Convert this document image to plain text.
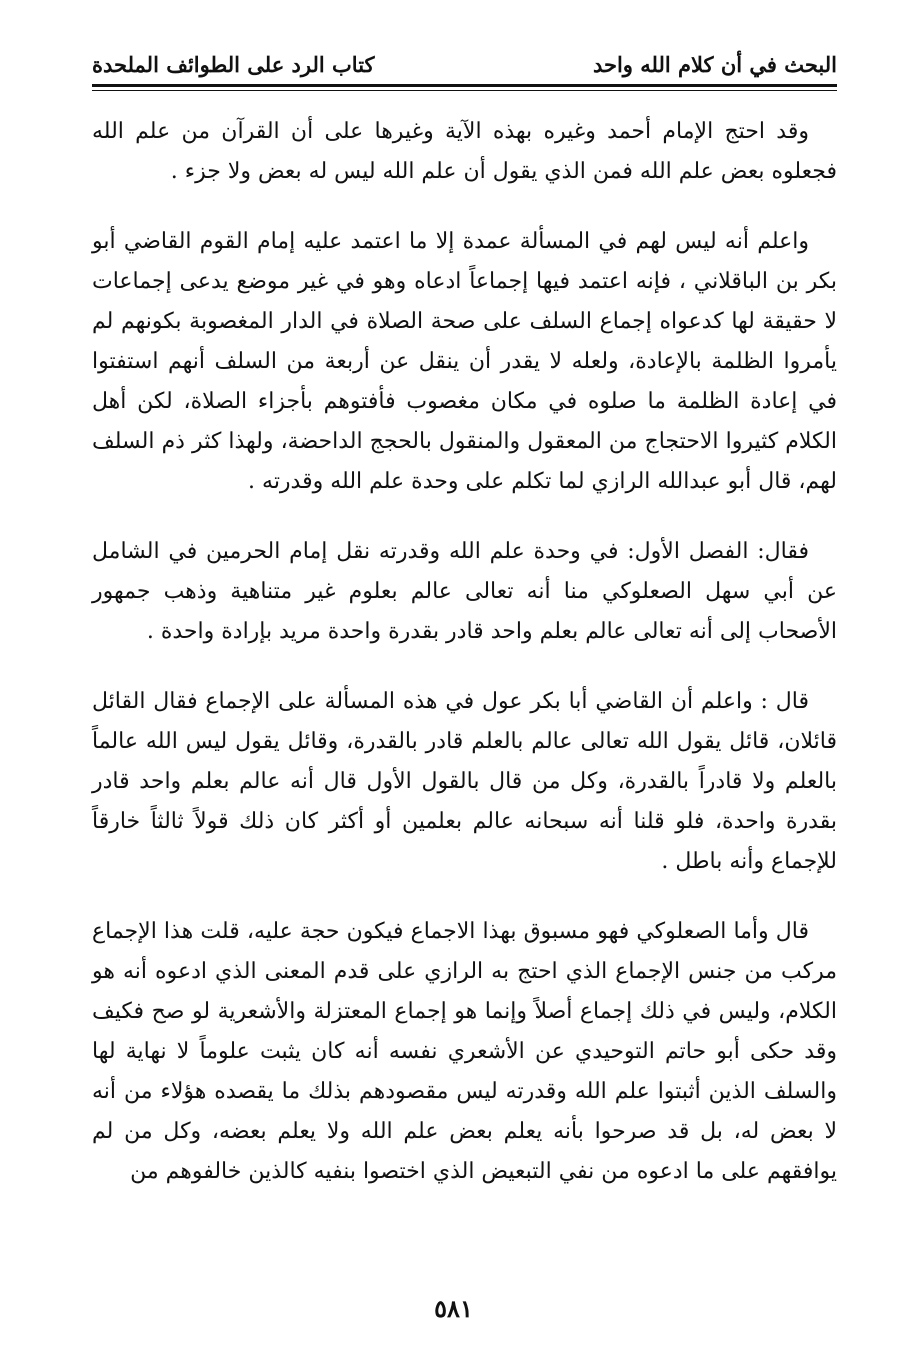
البحث في أن كلام الله واحد
كتاب الرد على الطوائف الملحدة

وقد احتج الإمام أحمد وغيره بهذه الآية وغيرها على أن القرآن من علم الله فجعلوه بعض علم الله فمن الذي يقول أن علم الله ليس له بعض ولا جزء .

واعلم أنه ليس لهم في المسألة عمدة إلا ما اعتمد عليه إمام القوم القاضي أبو بكر بن الباقلاني ، فإنه اعتمد فيها إجماعاً ادعاه وهو في غير موضع يدعى إجماعات لا حقيقة لها كدعواه إجماع السلف على صحة الصلاة في الدار المغصوبة بكونهم لم يأمروا الظلمة بالإعادة، ولعله لا يقدر أن ينقل عن أربعة من السلف أنهم استفتوا في إعادة الظلمة ما صلوه في مكان مغصوب فأفتوهم بأجزاء الصلاة، لكن أهل الكلام كثيروا الاحتجاج من المعقول والمنقول بالحجج الداحضة، ولهذا كثر ذم السلف لهم، قال أبو عبدالله الرازي لما تكلم على وحدة علم الله وقدرته .

فقال: الفصل الأول: في وحدة علم الله وقدرته نقل إمام الحرمين في الشامل عن أبي سهل الصعلوكي منا أنه تعالى عالم بعلوم غير متناهية وذهب جمهور الأصحاب إلى أنه تعالى عالم بعلم واحد قادر بقدرة واحدة مريد بإرادة واحدة .

قال : واعلم أن القاضي أبا بكر عول في هذه المسألة على الإجماع فقال القائل قائلان، قائل يقول الله تعالى عالم بالعلم قادر بالقدرة، وقائل يقول ليس الله عالماً بالعلم ولا قادراً بالقدرة، وكل من قال بالقول الأول قال أنه عالم بعلم واحد قادر بقدرة واحدة، فلو قلنا أنه سبحانه عالم بعلمين أو أكثر كان ذلك قولاً ثالثاً خارقاً للإجماع وأنه باطل .

قال وأما الصعلوكي فهو مسبوق بهذا الاجماع فيكون حجة عليه، قلت هذا الإجماع مركب من جنس الإجماع الذي احتج به الرازي على قدم المعنى الذي ادعوه أنه هو الكلام، وليس في ذلك إجماع أصلاً وإنما هو إجماع المعتزلة والأشعرية لو صح فكيف وقد حكى أبو حاتم التوحيدي عن الأشعري نفسه أنه كان يثبت علوماً لا نهاية لها والسلف الذين أثبتوا علم الله وقدرته ليس مقصودهم بذلك ما يقصده هؤلاء من أنه لا بعض له، بل قد صرحوا بأنه يعلم بعض علم الله ولا يعلم بعضه، وكل من لم يوافقهم على ما ادعوه من نفي التبعيض الذي اختصوا بنفيه كالذين خالفوهم من

٥٨١
